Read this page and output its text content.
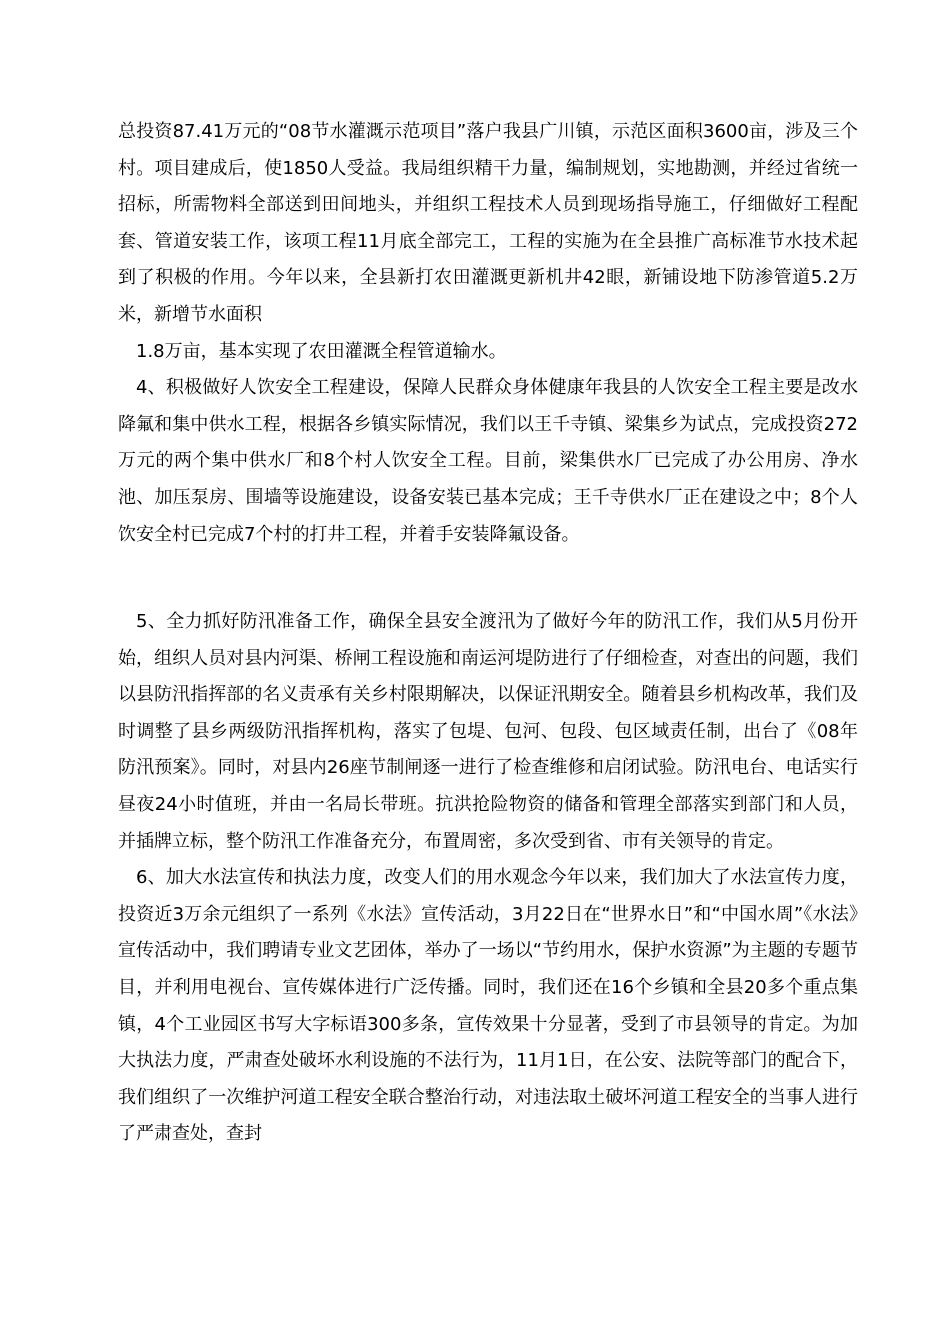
总投资87.41万元的“08节水灌溉示范项目”落户我县广川镇，示范区面积3600亩，涉及三个村。项目建成后，使1850人受益。我局组织精干力量，编制规划，实地勘测，并经过省统一招标，所需物料全部送到田间地头，并组织工程技术人员到现场指导施工，仔细做好工程配套、管道安装工作，该项工程11月底全部完工，工程的实施为在全县推广高标准节水技术起到了积极的作用。今年以来，全县新打农田灌溉更新机井42眼，新铺设地下防渗管道5.2万米，新增节水面积

1.8万亩，基本实现了农田灌溉全程管道输水。

4、积极做好人饮安全工程建设，保障人民群众身体健康年我县的人饮安全工程主要是改水降氟和集中供水工程，根据各乡镇实际情况，我们以王千寺镇、梁集乡为试点，完成投资272万元的两个集中供水厂和8个村人饮安全工程。目前，梁集供水厂已完成了办公用房、净水池、加压泵房、围墙等设施建设，设备安装已基本完成；王千寺供水厂正在建设之中；8个人饮安全村已完成7个村的打井工程，并着手安装降氟设备。

5、全力抓好防汛准备工作，确保全县安全渡汛为了做好今年的防汛工作，我们从5月份开始，组织人员对县内河渠、桥闸工程设施和南运河堤防进行了仔细检查，对查出的问题，我们以县防汛指挥部的名义责承有关乡村限期解决，以保证汛期安全。随着县乡机构改革，我们及时调整了县乡两级防汛指挥机构，落实了包堤、包河、包段、包区域责任制，出台了《08年防汛预案》。同时，对县内26座节制闸逐一进行了检查维修和启闭试验。防汛电台、电话实行昼夜24小时值班，并由一名局长带班。抗洪抢险物资的储备和管理全部落实到部门和人员，并插牌立标，整个防汛工作准备充分，布置周密，多次受到省、市有关领导的肯定。

6、加大水法宣传和执法力度，改变人们的用水观念今年以来，我们加大了水法宣传力度，投资近3万余元组织了一系列《水法》宣传活动，3月22日在“世界水日”和“中国水周”《水法》宣传活动中，我们聘请专业文艺团体，举办了一场以“节约用水，保护水资源”为主题的专题节目，并利用电视台、宣传媒体进行广泛传播。同时，我们还在16个乡镇和全县20多个重点集镇，4个工业园区书写大字标语300多条，宣传效果十分显著，受到了市县领导的肯定。为加大执法力度，严肃查处破坏水利设施的不法行为，11月1日，在公安、法院等部门的配合下，我们组织了一次维护河道工程安全联合整治行动，对违法取土破坏河道工程安全的当事人进行了严肃查处，查封
